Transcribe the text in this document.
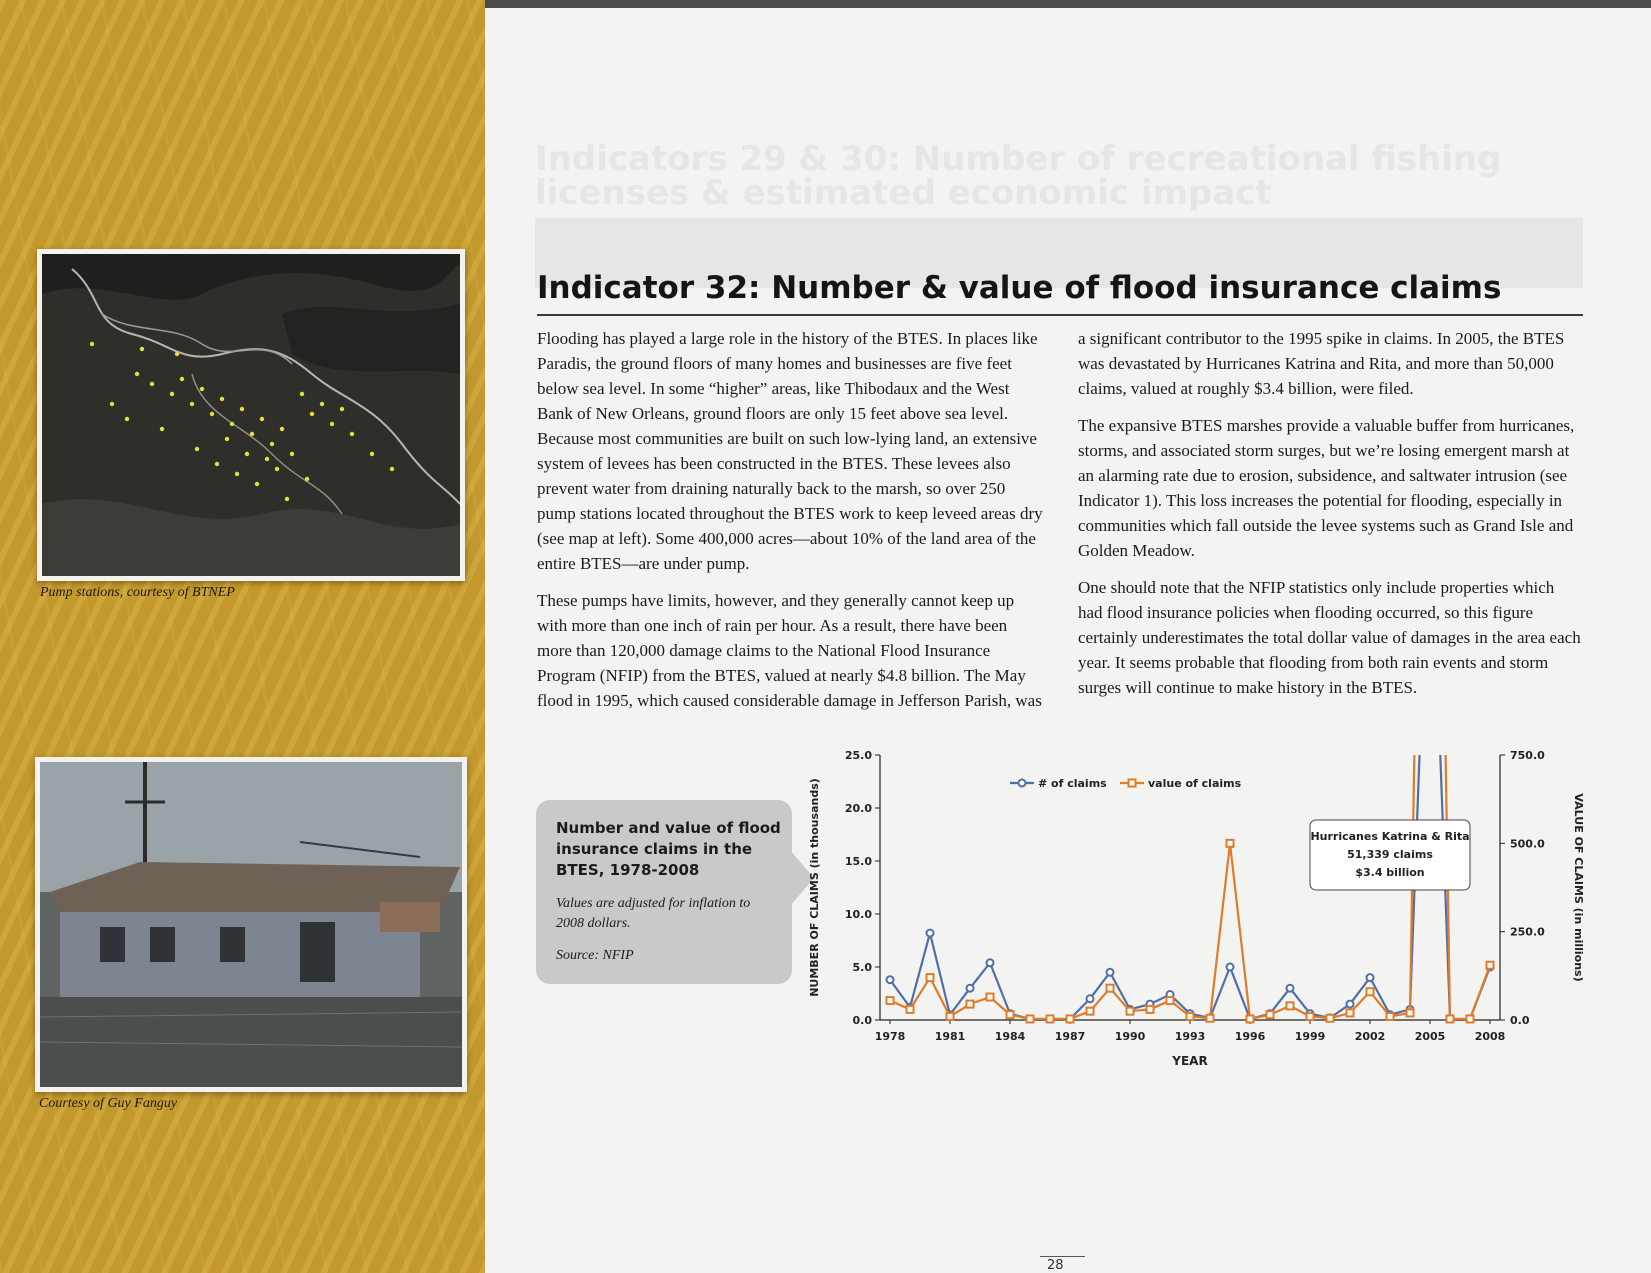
Pump stations, courtesy of BTNEP
Courtesy of Guy Fanguy
Indicators 29 & 30: Number of recreational fishing licenses & estimated economic impact
Indicator 32: Number & value of flood insurance claims

Flooding has played a large role in the history of the BTES. In places like Paradis, the ground floors of many homes and businesses are five feet below sea level. In some “higher” areas, like Thibodaux and the West Bank of New Orleans, ground floors are only 15 feet above sea level. Because most communities are built on such low-lying land, an extensive system of levees has been constructed in the BTES. These levees also prevent water from draining naturally back to the marsh, so over 250 pump stations located throughout the BTES work to keep leveed areas dry (see map at left). Some 400,000 acres—about 10% of the land area of the entire BTES—are under pump.

These pumps have limits, however, and they generally cannot keep up with more than one inch of rain per hour. As a result, there have been more than 120,000 damage claims to the National Flood Insurance Program (NFIP) from the BTES, valued at nearly $4.8 billion. The May flood in 1995, which caused considerable damage in Jefferson Parish, was

a significant contributor to the 1995 spike in claims. In 2005, the BTES was devastated by Hurricanes Katrina and Rita, and more than 50,000 claims, valued at roughly $3.4 billion, were filed.

The expansive BTES marshes provide a valuable buffer from hurricanes, storms, and associated storm surges, but we’re losing emergent marsh at an alarming rate due to erosion, subsidence, and saltwater intrusion (see Indicator 1). This loss increases the potential for flooding, especially in communities which fall outside the levee systems such as Grand Isle and Golden Meadow.

One should note that the NFIP statistics only include properties which had flood insurance policies when flooding occurred, so this figure certainly underestimates the total dollar value of damages in the area each year. It seems probable that flooding from both rain events and storm surges will continue to make history in the BTES.

Number and value of flood insurance claims in the BTES, 1978-2008
Values are adjusted for inflation to 2008 dollars.
Source: NFIP
0.0
5.0
10.0
15.0
20.0
25.0
0.0
250.0
500.0
750.0
1978	1981	1984	1987	1990	1993	1996	1999	2002	2005	2008
YEAR
NUMBER OF CLAIMS (in thousands)	VALUE OF CLAIMS (in millions)
# of claims	value of claims
Hurricanes Katrina & Rita
51,339 claims
$3.4 billion
28
